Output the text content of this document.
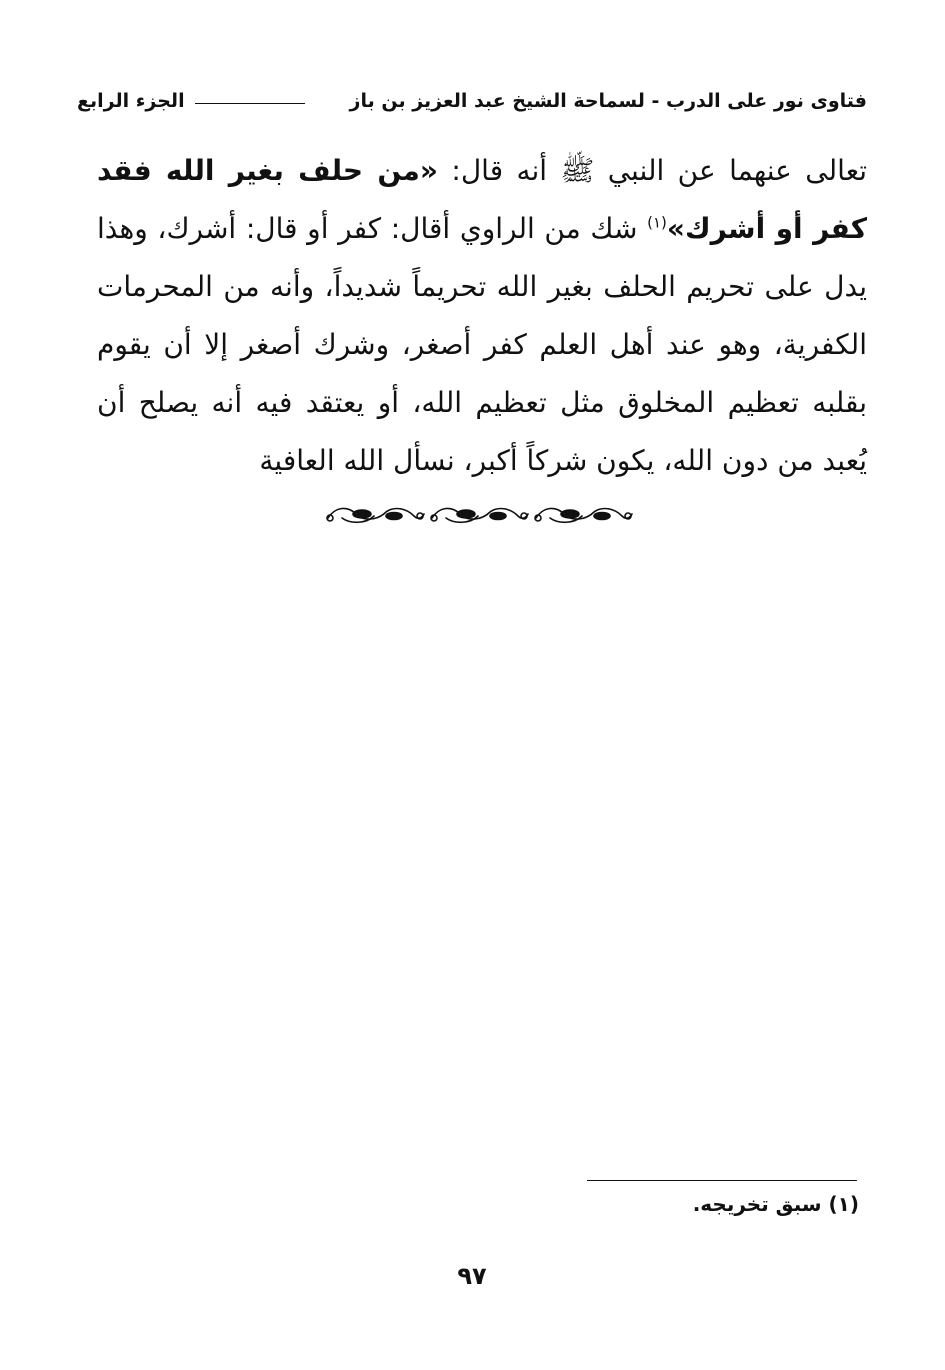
فتاوى نور على الدرب - لسماحة الشيخ عبد العزيز بن باز
الجزء الرابع
تعالى عنهما عن النبي ﷺ أنه قال: «من حلف بغير الله فقد كفر أو أشرك»$^{(١)}$ شك من الراوي أقال: كفر أو قال: أشرك، وهذا يدل على تحريم الحلف بغير الله تحريماً شديداً، وأنه من المحرمات الكفرية، وهو عند أهل العلم كفر أصغر، وشرك أصغر إلا أن يقوم بقلبه تعظيم المخلوق مثل تعظيم الله، أو يعتقد فيه أنه يصلح أن يُعبد من دون الله، يكون شركاً أكبر، نسأل الله العافية
(١) سبق تخريجه.
٩٧
